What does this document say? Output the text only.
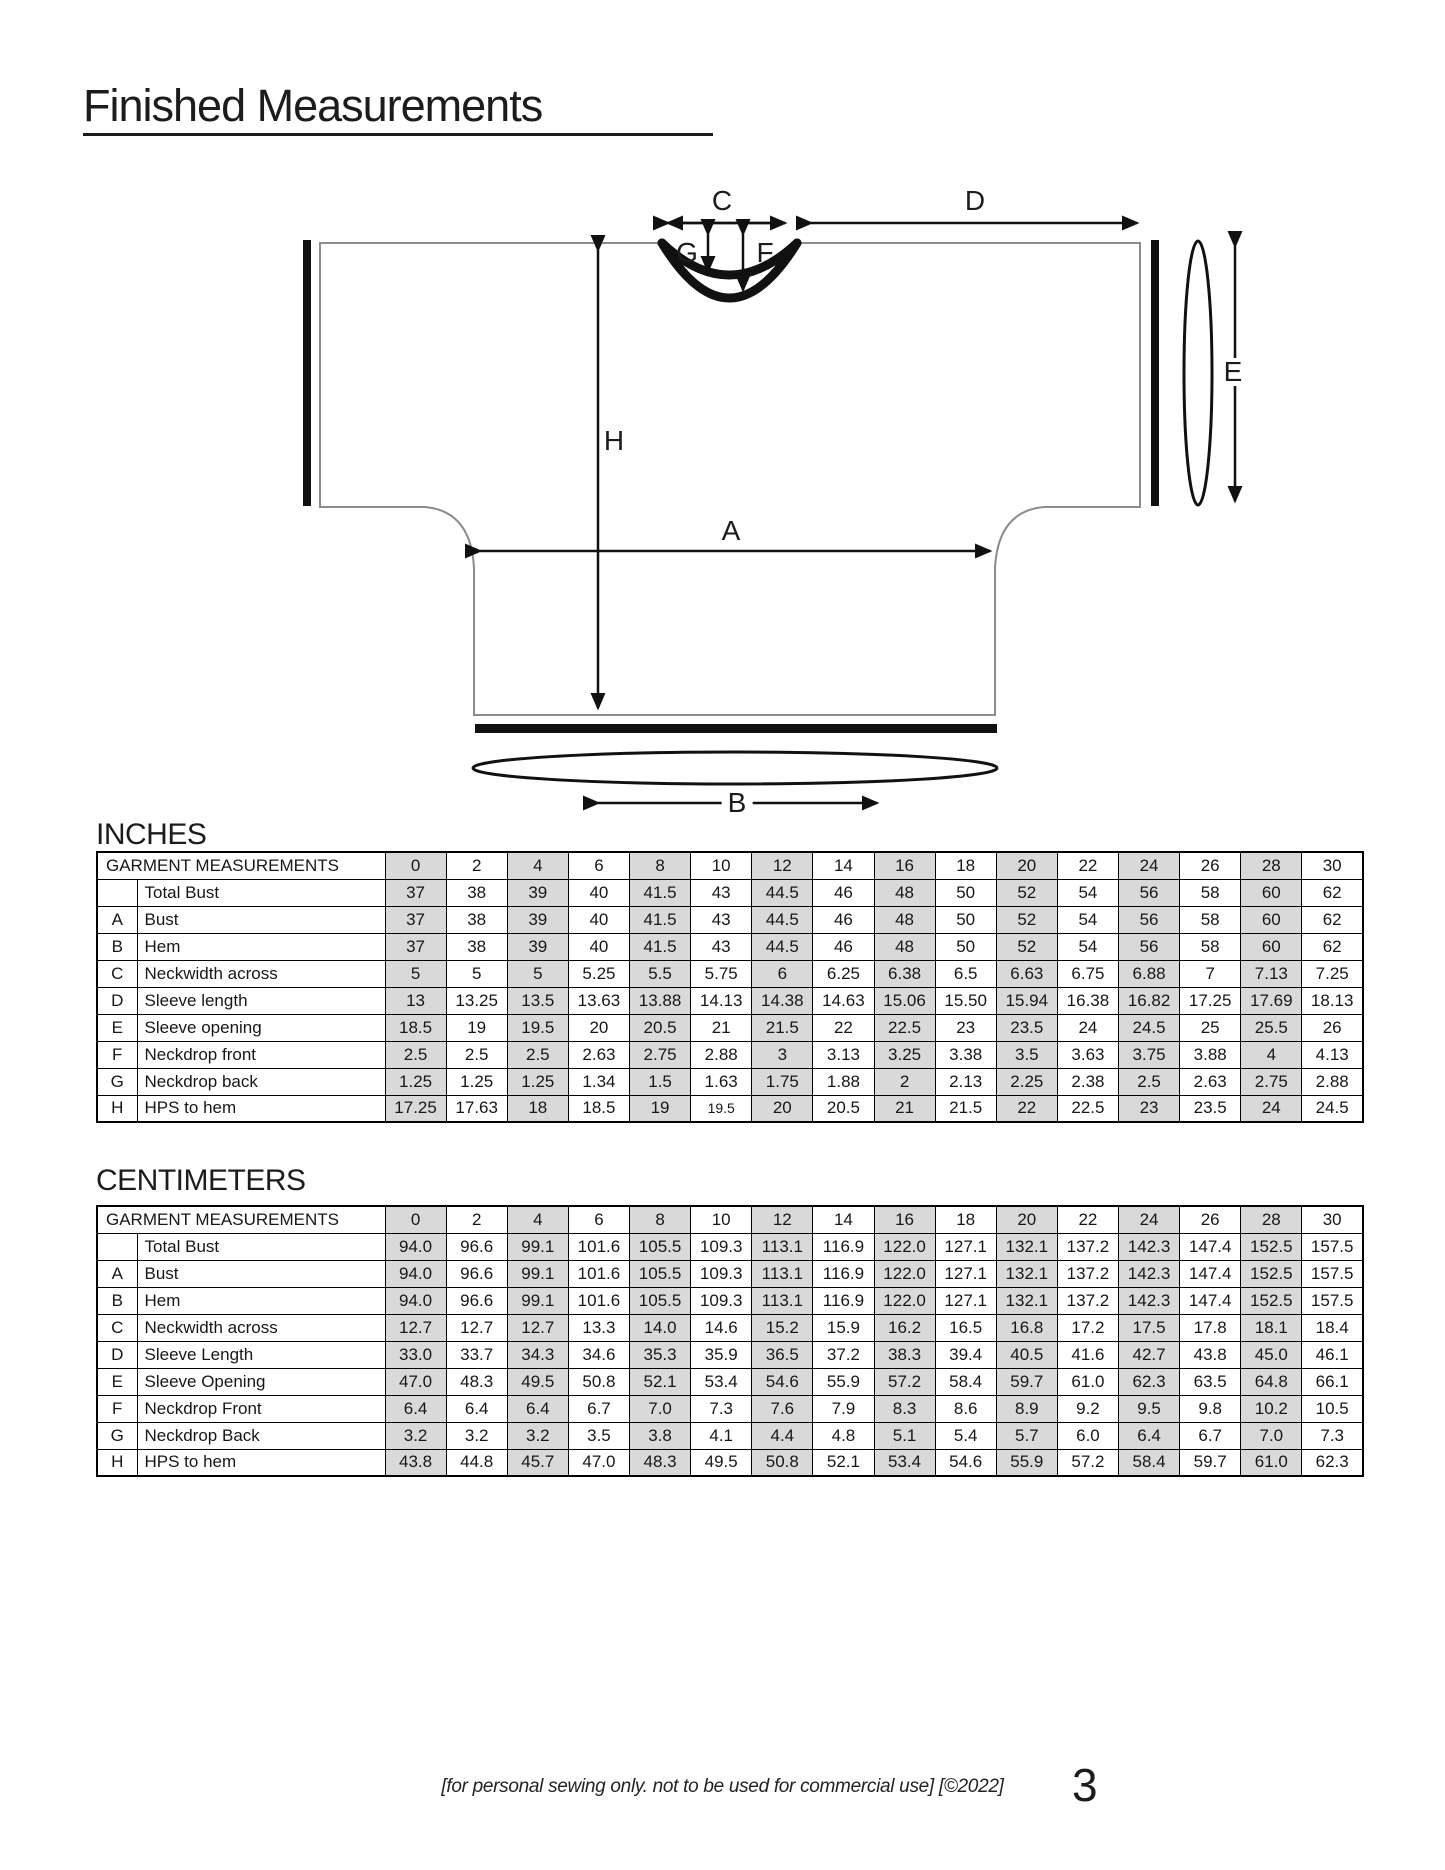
Finished Measurements
A
B
C	D
E
F
G
H
INCHES
CENTIMETERS
GARMENT MEASUREMENTS		0	2	4	6	8	10	12	14	16	18	20	22	24	26	28	30
	Total Bust	37	38	39	40	41.5	43	44.5	46	48	50	52	54	56	58	60	62
A	Bust	37	38	39	40	41.5	43	44.5	46	48	50	52	54	56	58	60	62
B	Hem	37	38	39	40	41.5	43	44.5	46	48	50	52	54	56	58	60	62
C	Neckwidth across	5	5	5	5.25	5.5	5.75	6	6.25	6.38	6.5	6.63	6.75	6.88	7	7.13	7.25
D	Sleeve length	13	13.25	13.5	13.63	13.88	14.13	14.38	14.63	15.06	15.50	15.94	16.38	16.82	17.25	17.69	18.13
E	Sleeve opening	18.5	19	19.5	20	20.5	21	21.5	22	22.5	23	23.5	24	24.5	25	25.5	26
F	Neckdrop front	2.5	2.5	2.5	2.63	2.75	2.88	3	3.13	3.25	3.38	3.5	3.63	3.75	3.88	4	4.13
G	Neckdrop back	1.25	1.25	1.25	1.34	1.5	1.63	1.75	1.88	2	2.13	2.25	2.38	2.5	2.63	2.75	2.88
H	HPS to hem	17.25	17.63	18	18.5	19	19.5	20	20.5	21	21.5	22	22.5	23	23.5	24	24.5
GARMENT MEASUREMENTS		0	2	4	6	8	10	12	14	16	18	20	22	24	26	28	30
	Total Bust	94.0	96.6	99.1	101.6	105.5	109.3	113.1	116.9	122.0	127.1	132.1	137.2	142.3	147.4	152.5	157.5
A	Bust	94.0	96.6	99.1	101.6	105.5	109.3	113.1	116.9	122.0	127.1	132.1	137.2	142.3	147.4	152.5	157.5
B	Hem	94.0	96.6	99.1	101.6	105.5	109.3	113.1	116.9	122.0	127.1	132.1	137.2	142.3	147.4	152.5	157.5
C	Neckwidth across	12.7	12.7	12.7	13.3	14.0	14.6	15.2	15.9	16.2	16.5	16.8	17.2	17.5	17.8	18.1	18.4
D	Sleeve Length	33.0	33.7	34.3	34.6	35.3	35.9	36.5	37.2	38.3	39.4	40.5	41.6	42.7	43.8	45.0	46.1
E	Sleeve Opening	47.0	48.3	49.5	50.8	52.1	53.4	54.6	55.9	57.2	58.4	59.7	61.0	62.3	63.5	64.8	66.1
F	Neckdrop Front	6.4	6.4	6.4	6.7	7.0	7.3	7.6	7.9	8.3	8.6	8.9	9.2	9.5	9.8	10.2	10.5
G	Neckdrop Back	3.2	3.2	3.2	3.5	3.8	4.1	4.4	4.8	5.1	5.4	5.7	6.0	6.4	6.7	7.0	7.3
H	HPS to hem	43.8	44.8	45.7	47.0	48.3	49.5	50.8	52.1	53.4	54.6	55.9	57.2	58.4	59.7	61.0	62.3
[for personal sewing only. not to be used for commercial use] [©2022]	3
